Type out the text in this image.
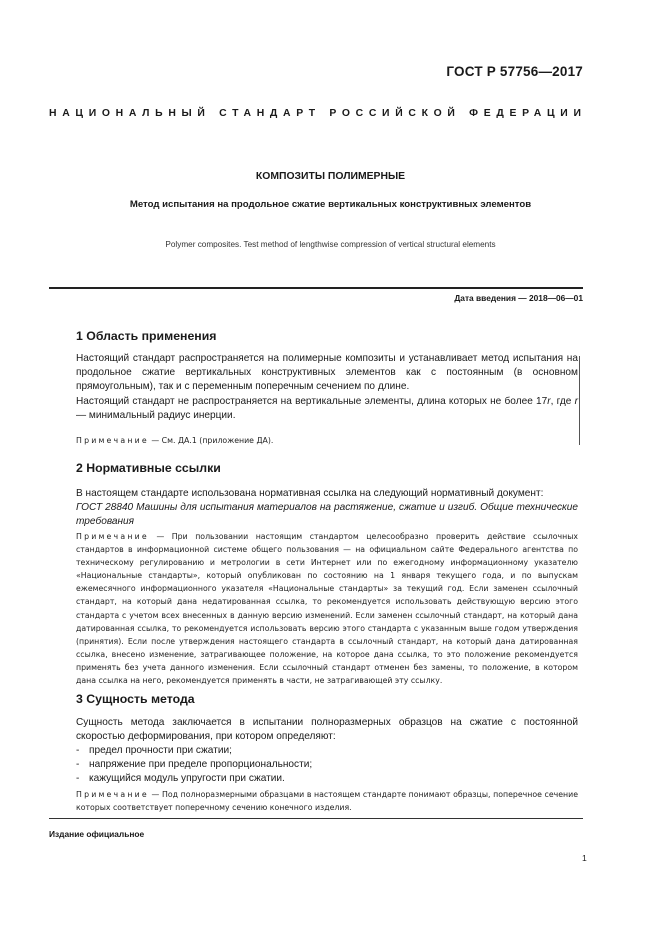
ГОСТ Р 57756—2017
НАЦИОНАЛЬНЫЙ СТАНДАРТ РОССИЙСКОЙ ФЕДЕРАЦИИ
КОМПОЗИТЫ ПОЛИМЕРНЫЕ
Метод испытания на продольное сжатие вертикальных конструктивных элементов
Polymer composites. Test method of lengthwise compression of vertical structural elements
Дата введения — 2018—06—01
1 Область применения
Настоящий стандарт распространяется на полимерные композиты и устанавливает метод испытания на продольное сжатие вертикальных конструктивных элементов как с постоянным (в основном прямоугольным), так и с переменным поперечным сечением по длине.
Настоящий стандарт не распространяется на вертикальные элементы, длина которых не более 17r, где r — минимальный радиус инерции.
Примечание — См. ДА.1 (приложение ДА).
2 Нормативные ссылки
В настоящем стандарте использована нормативная ссылка на следующий нормативный документ:
ГОСТ 28840 Машины для испытания материалов на растяжение, сжатие и изгиб. Общие технические требования
Примечание — При пользовании настоящим стандартом целесообразно проверить действие ссылочных стандартов в информационной системе общего пользования — на официальном сайте Федерального агентства по техническому регулированию и метрологии в сети Интернет или по ежегодному информационному указателю «Национальные стандарты», который опубликован по состоянию на 1 января текущего года, и по выпускам ежемесячного информационного указателя «Национальные стандарты» за текущий год. Если заменен ссылочный стандарт, на который дана недатированная ссылка, то рекомендуется использовать действующую версию этого стандарта с учетом всех внесенных в данную версию изменений. Если заменен ссылочный стандарт, на который дана датированная ссылка, то рекомендуется использовать версию этого стандарта с указанным выше годом утверждения (принятия). Если после утверждения настоящего стандарта в ссылочный стандарт, на который дана датированная ссылка, внесено изменение, затрагивающее положение, на которое дана ссылка, то это положение рекомендуется применять без учета данного изменения. Если ссылочный стандарт отменен без замены, то положение, в котором дана ссылка на него, рекомендуется применять в части, не затрагивающей эту ссылку.
3 Сущность метода
Сущность метода заключается в испытании полноразмерных образцов на сжатие с постоянной скоростью деформирования, при котором определяют:
- предел прочности при сжатии;
- напряжение при пределе пропорциональности;
- кажущийся модуль упругости при сжатии.
Примечание — Под полноразмерными образцами в настоящем стандарте понимают образцы, поперечное сечение которых соответствует поперечному сечению конечного изделия.
Издание официальное
1
